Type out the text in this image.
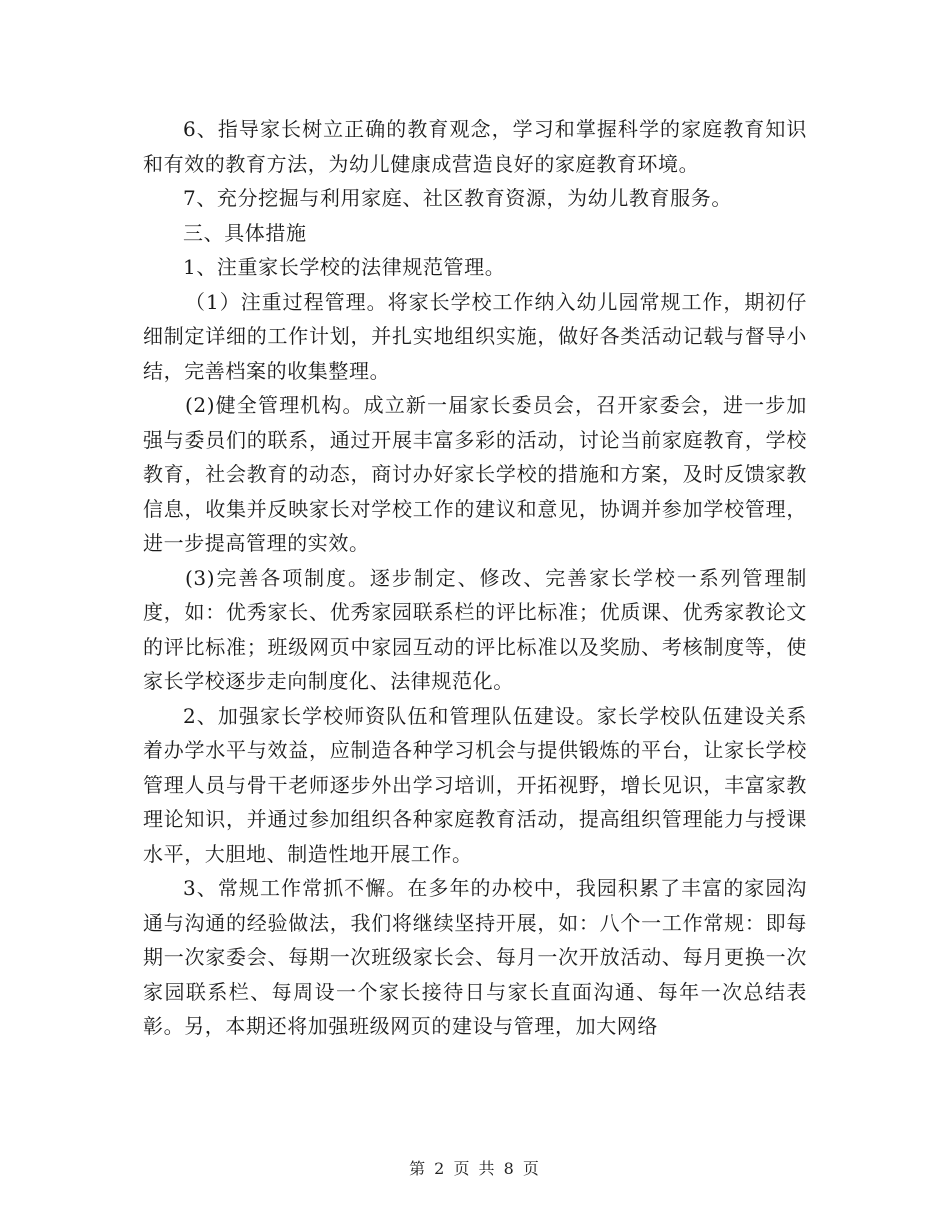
6、指导家长树立正确的教育观念，学习和掌握科学的家庭教育知识和有效的教育方法，为幼儿健康成营造良好的家庭教育环境。

7、充分挖掘与利用家庭、社区教育资源，为幼儿教育服务。

三、具体措施

1、注重家长学校的法律规范管理。

（1）注重过程管理。将家长学校工作纳入幼儿园常规工作，期初仔细制定详细的工作计划，并扎实地组织实施，做好各类活动记载与督导小结，完善档案的收集整理。

(2)健全管理机构。成立新一届家长委员会，召开家委会，进一步加强与委员们的联系，通过开展丰富多彩的活动，讨论当前家庭教育，学校教育，社会教育的动态，商讨办好家长学校的措施和方案，及时反馈家教信息，收集并反映家长对学校工作的建议和意见，协调并参加学校管理，进一步提高管理的实效。

(3)完善各项制度。逐步制定、修改、完善家长学校一系列管理制度，如：优秀家长、优秀家园联系栏的评比标准；优质课、优秀家教论文的评比标准；班级网页中家园互动的评比标准以及奖励、考核制度等，使家长学校逐步走向制度化、法律规范化。

2、加强家长学校师资队伍和管理队伍建设。家长学校队伍建设关系着办学水平与效益，应制造各种学习机会与提供锻炼的平台，让家长学校管理人员与骨干老师逐步外出学习培训，开拓视野，增长见识，丰富家教理论知识，并通过参加组织各种家庭教育活动，提高组织管理能力与授课水平，大胆地、制造性地开展工作。

3、常规工作常抓不懈。在多年的办校中，我园积累了丰富的家园沟通与沟通的经验做法，我们将继续坚持开展，如：八个一工作常规：即每期一次家委会、每期一次班级家长会、每月一次开放活动、每月更换一次家园联系栏、每周设一个家长接待日与家长直面沟通、每年一次总结表彰。另，本期还将加强班级网页的建设与管理，加大网络

第 2 页 共 8 页
